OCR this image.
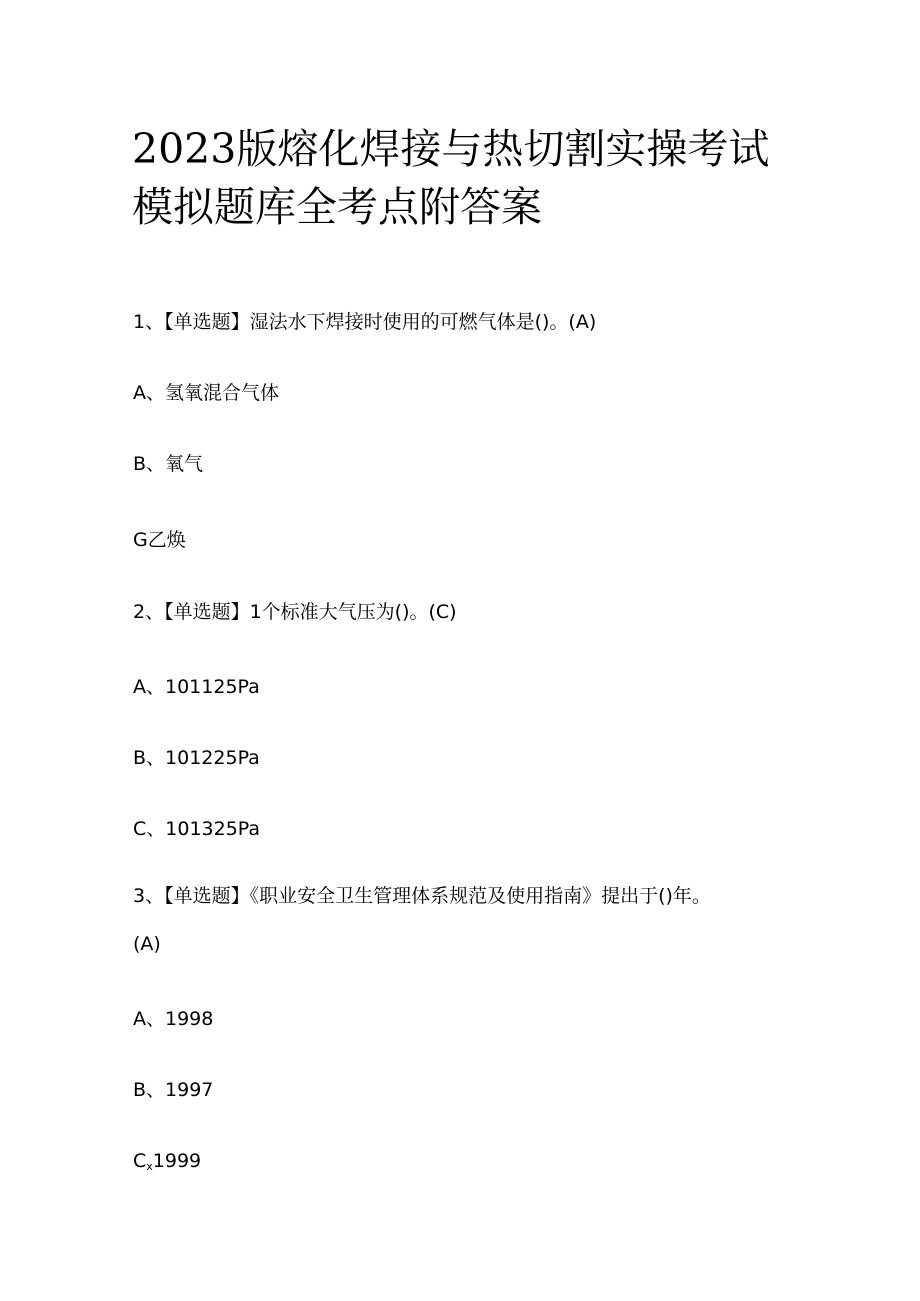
2023版熔化焊接与热切割实操考试
模拟题库全考点附答案

1、【单选题】湿法水下焊接时使用的可燃气体是()。(A)

A、氢氧混合气体

B、氧气

G乙焕

2、【单选题】1个标准大气压为()。(C)

A、101125Pa

B、101225Pa

C、101325Pa

3、【单选题】《职业安全卫生管理体系规范及使用指南》提出于()年。

(A)

A、1998

B、1997

$C_x1999$
